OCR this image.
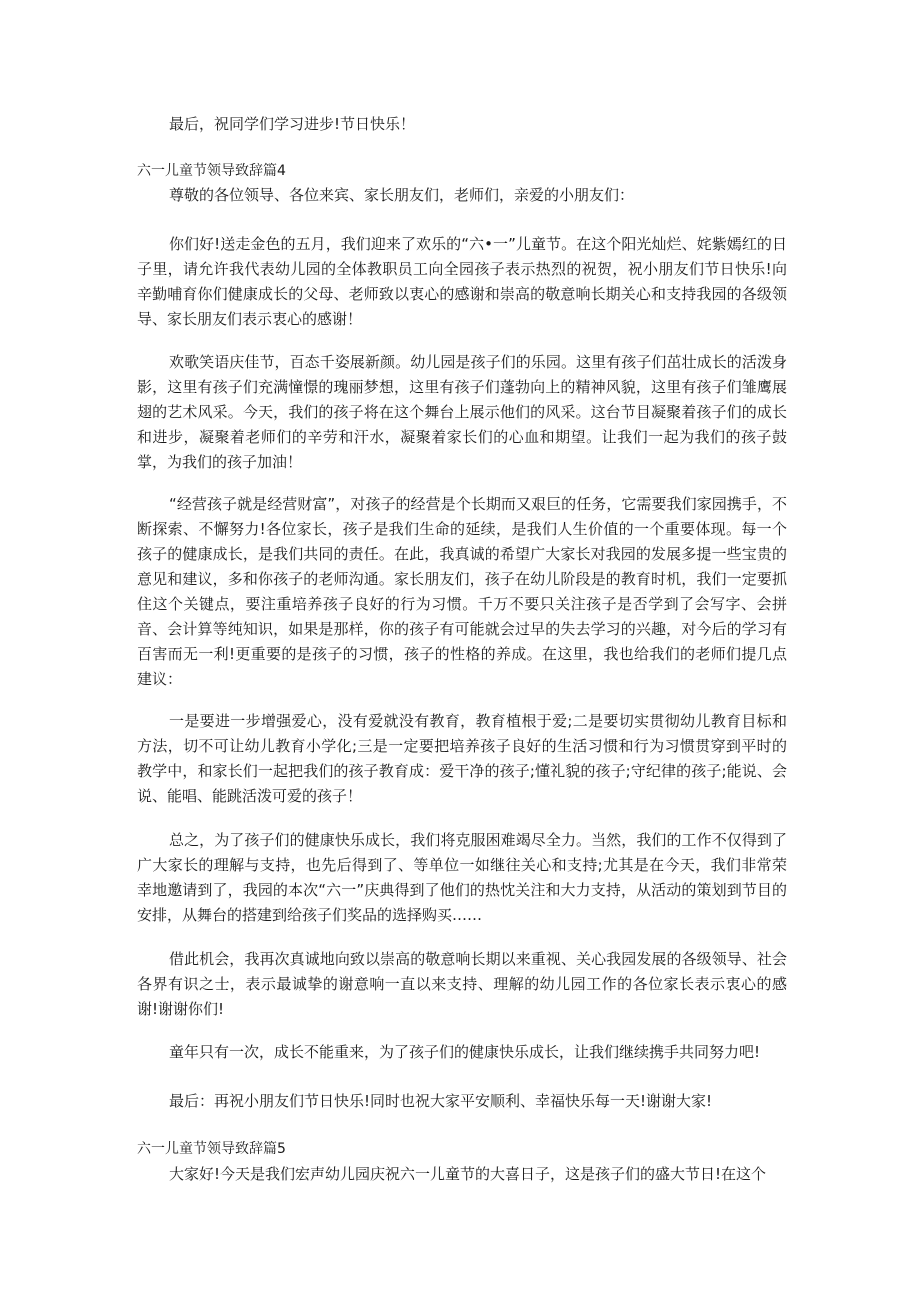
最后，祝同学们学习进步!节日快乐！

六一儿童节领导致辞篇4

尊敬的各位领导、各位来宾、家长朋友们，老师们，亲爱的小朋友们：

你们好!送走金色的五月，我们迎来了欢乐的“六•一”儿童节。在这个阳光灿烂、姹紫嫣红的日子里，请允许我代表幼儿园的全体教职员工向全园孩子表示热烈的祝贺，祝小朋友们节日快乐!向辛勤哺育你们健康成长的父母、老师致以衷心的感谢和崇高的敬意响长期关心和支持我园的各级领导、家长朋友们表示衷心的感谢！

欢歌笑语庆佳节，百态千姿展新颜。幼儿园是孩子们的乐园。这里有孩子们茁壮成长的活泼身影，这里有孩子们充满憧憬的瑰丽梦想，这里有孩子们蓬勃向上的精神风貌，这里有孩子们雏鹰展翅的艺术风采。今天，我们的孩子将在这个舞台上展示他们的风采。这台节目凝聚着孩子们的成长和进步，凝聚着老师们的辛劳和汗水，凝聚着家长们的心血和期望。让我们一起为我们的孩子鼓掌，为我们的孩子加油！

“经营孩子就是经营财富”，对孩子的经营是个长期而又艰巨的任务，它需要我们家园携手，不断探索、不懈努力!各位家长，孩子是我们生命的延续，是我们人生价值的一个重要体现。每一个孩子的健康成长，是我们共同的责任。在此，我真诚的希望广大家长对我园的发展多提一些宝贵的意见和建议，多和你孩子的老师沟通。家长朋友们，孩子在幼儿阶段是的教育时机，我们一定要抓住这个关键点，要注重培养孩子良好的行为习惯。千万不要只关注孩子是否学到了会写字、会拼音、会计算等纯知识，如果是那样，你的孩子有可能就会过早的失去学习的兴趣，对今后的学习有百害而无一利!更重要的是孩子的习惯，孩子的性格的养成。在这里，我也给我们的老师们提几点建议：

一是要进一步增强爱心，没有爱就没有教育，教育植根于爱;二是要切实贯彻幼儿教育目标和方法，切不可让幼儿教育小学化;三是一定要把培养孩子良好的生活习惯和行为习惯贯穿到平时的教学中，和家长们一起把我们的孩子教育成：爱干净的孩子;懂礼貌的孩子;守纪律的孩子;能说、会说、能唱、能跳活泼可爱的孩子！

总之，为了孩子们的健康快乐成长，我们将克服困难竭尽全力。当然，我们的工作不仅得到了广大家长的理解与支持，也先后得到了、等单位一如继往关心和支持;尤其是在今天，我们非常荣幸地邀请到了，我园的本次“六一”庆典得到了他们的热忱关注和大力支持，从活动的策划到节目的安排，从舞台的搭建到给孩子们奖品的选择购买……

借此机会，我再次真诚地向致以崇高的敬意响长期以来重视、关心我园发展的各级领导、社会各界有识之士，表示最诚挚的谢意响一直以来支持、理解的幼儿园工作的各位家长表示衷心的感谢!谢谢你们!

童年只有一次，成长不能重来，为了孩子们的健康快乐成长，让我们继续携手共同努力吧!

最后：再祝小朋友们节日快乐!同时也祝大家平安顺利、幸福快乐每一天!谢谢大家!

六一儿童节领导致辞篇5

大家好!今天是我们宏声幼儿园庆祝六一儿童节的大喜日子，这是孩子们的盛大节日!在这个
